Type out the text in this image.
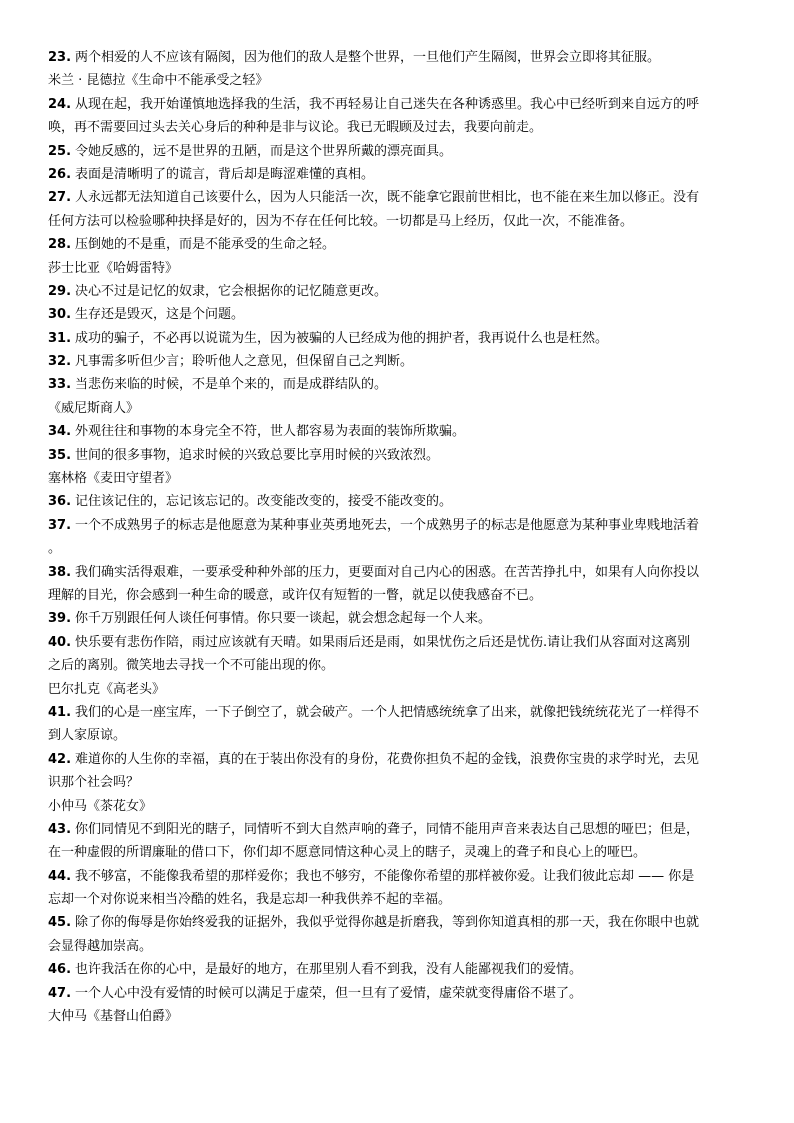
23. 两个相爱的人不应该有隔阂，因为他们的敌人是整个世界，一旦他们产生隔阂，世界会立即将其征服。
米兰 · 昆德拉《生命中不能承受之轻》
24. 从现在起，我开始谨慎地选择我的生活，我不再轻易让自己迷失在各种诱惑里。我心中已经听到来自远方的呼
唤，再不需要回过头去关心身后的种种是非与议论。我已无暇顾及过去，我要向前走。
25. 令她反感的，远不是世界的丑陋，而是这个世界所戴的漂亮面具。
26. 表面是清晰明了的谎言，背后却是晦涩难懂的真相。
27. 人永远都无法知道自己该要什么，因为人只能活一次，既不能拿它跟前世相比，也不能在来生加以修正。没有
任何方法可以检验哪种抉择是好的，因为不存在任何比较。一切都是马上经历，仅此一次，不能准备。
28. 压倒她的不是重，而是不能承受的生命之轻。
莎士比亚《哈姆雷特》
29. 决心不过是记忆的奴隶，它会根据你的记忆随意更改。
30. 生存还是毁灭，这是个问题。
31. 成功的骗子，不必再以说谎为生，因为被骗的人已经成为他的拥护者，我再说什么也是枉然。
32. 凡事需多听但少言；聆听他人之意见，但保留自己之判断。
33. 当悲伤来临的时候，不是单个来的，而是成群结队的。
《威尼斯商人》
34. 外观往往和事物的本身完全不符，世人都容易为表面的装饰所欺骗。
35. 世间的很多事物，追求时候的兴致总要比享用时候的兴致浓烈。
塞林格《麦田守望者》
36. 记住该记住的，忘记该忘记的。改变能改变的，接受不能改变的。
37. 一个不成熟男子的标志是他愿意为某种事业英勇地死去，一个成熟男子的标志是他愿意为某种事业卑贱地活着
。
38. 我们确实活得艰难，一要承受种种外部的压力，更要面对自己内心的困惑。在苦苦挣扎中，如果有人向你投以
理解的目光，你会感到一种生命的暖意，或许仅有短暂的一瞥，就足以使我感奋不已。
39. 你千万别跟任何人谈任何事情。你只要一谈起，就会想念起每一个人来。
40. 快乐要有悲伤作陪，雨过应该就有天晴。如果雨后还是雨，如果忧伤之后还是忧伤.请让我们从容面对这离别
之后的离别。微笑地去寻找一个不可能出现的你。
巴尔扎克《高老头》
41. 我们的心是一座宝库，一下子倒空了，就会破产。一个人把情感统统拿了出来，就像把钱统统花光了一样得不
到人家原谅。
42. 难道你的人生你的幸福，真的在于装出你没有的身份，花费你担负不起的金钱，浪费你宝贵的求学时光，去见
识那个社会吗？
小仲马《茶花女》
43. 你们同情见不到阳光的瞎子，同情听不到大自然声响的聋子，同情不能用声音来表达自己思想的哑巴；但是，
在一种虚假的所谓廉耻的借口下，你们却不愿意同情这种心灵上的瞎子，灵魂上的聋子和良心上的哑巴。
44. 我不够富，不能像我希望的那样爱你；我也不够穷，不能像你希望的那样被你爱。让我们彼此忘却 —— 你是
忘却一个对你说来相当冷酷的姓名，我是忘却一种我供养不起的幸福。
45. 除了你的侮辱是你始终爱我的证据外，我似乎觉得你越是折磨我，等到你知道真相的那一天，我在你眼中也就
会显得越加崇高。
46. 也许我活在你的心中，是最好的地方，在那里别人看不到我，没有人能鄙视我们的爱情。
47. 一个人心中没有爱情的时候可以满足于虚荣，但一旦有了爱情，虚荣就变得庸俗不堪了。
大仲马《基督山伯爵》
